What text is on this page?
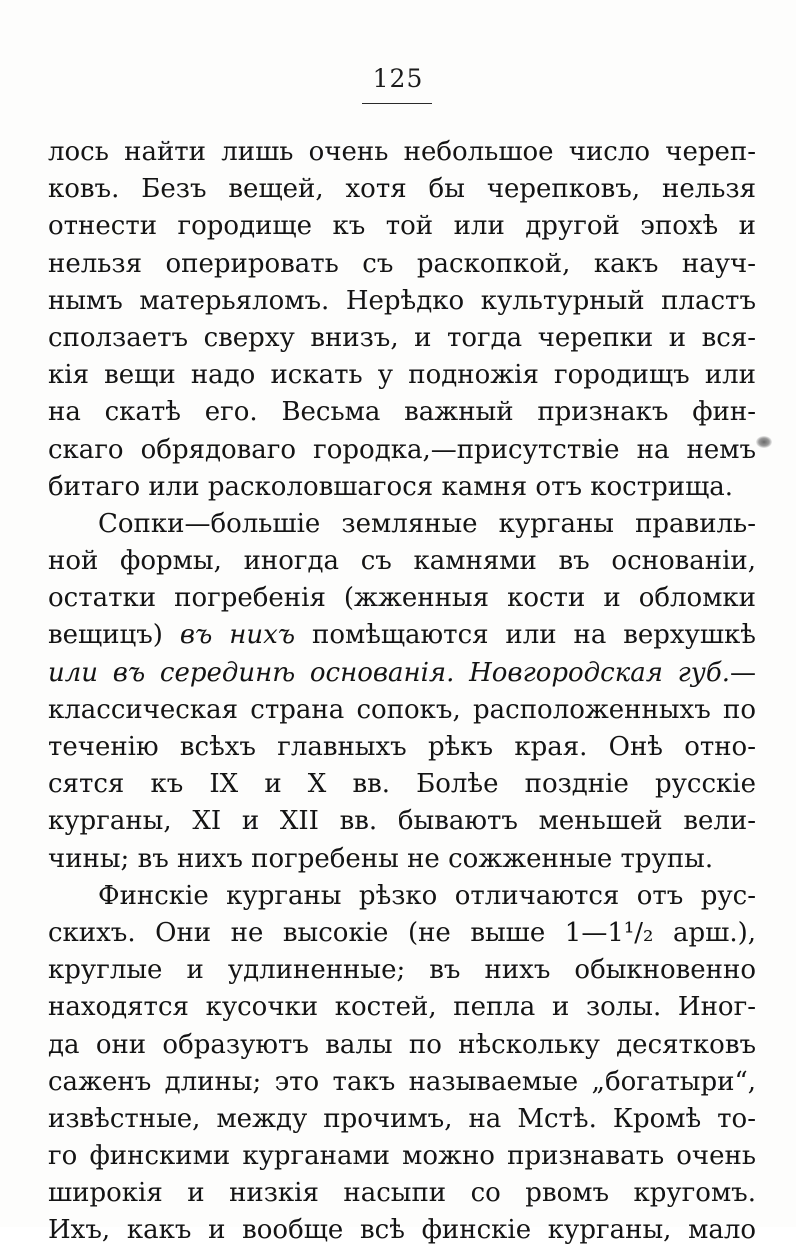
125
лось найти лишь очень небольшое число череп-
ковъ. Безъ вещей, хотя бы черепковъ, нельзя
отнести городище къ той или другой эпохѣ и
нельзя оперировать съ раскопкой, какъ науч-
нымъ матерьяломъ. Нерѣдко культурный пластъ
сползаетъ сверху внизъ, и тогда черепки и вся-
кія вещи надо искать у подножія городищъ или
на скатѣ его. Весьма важный признакъ фин-
скаго обрядоваго городка,—присутствіе на немъ
битаго или расколовшагося камня отъ кострища.
Сопки—большіе земляные курганы правиль-
ной формы, иногда съ камнями въ основаніи,
остатки погребенія (жженныя кости и обломки
вещицъ) въ нихъ помѣщаются или на верхушкѣ
или въ серединѣ основанія. Новгородская губ.—
классическая страна сопокъ, расположенныхъ по
теченію всѣхъ главныхъ рѣкъ края. Онѣ отно-
сятся къ IX и X вв. Болѣе поздніе русскіе
курганы, XI и XII вв. бываютъ меньшей вели-
чины; въ нихъ погребены не сожженные трупы.
Финскіе курганы рѣзко отличаются отъ рус-
скихъ. Они не высокіе (не выше 1—1¹/₂ арш.),
круглые и удлиненные; въ нихъ обыкновенно
находятся кусочки костей, пепла и золы. Иног-
да они образуютъ валы по нѣскольку десятковъ
саженъ длины; это такъ называемые „богатыри“,
извѣстные, между прочимъ, на Мстѣ. Кромѣ то-
го финскими курганами можно признавать очень
широкія и низкія насыпи со рвомъ кругомъ.
Ихъ, какъ и вообще всѣ финскіе курганы, мало
